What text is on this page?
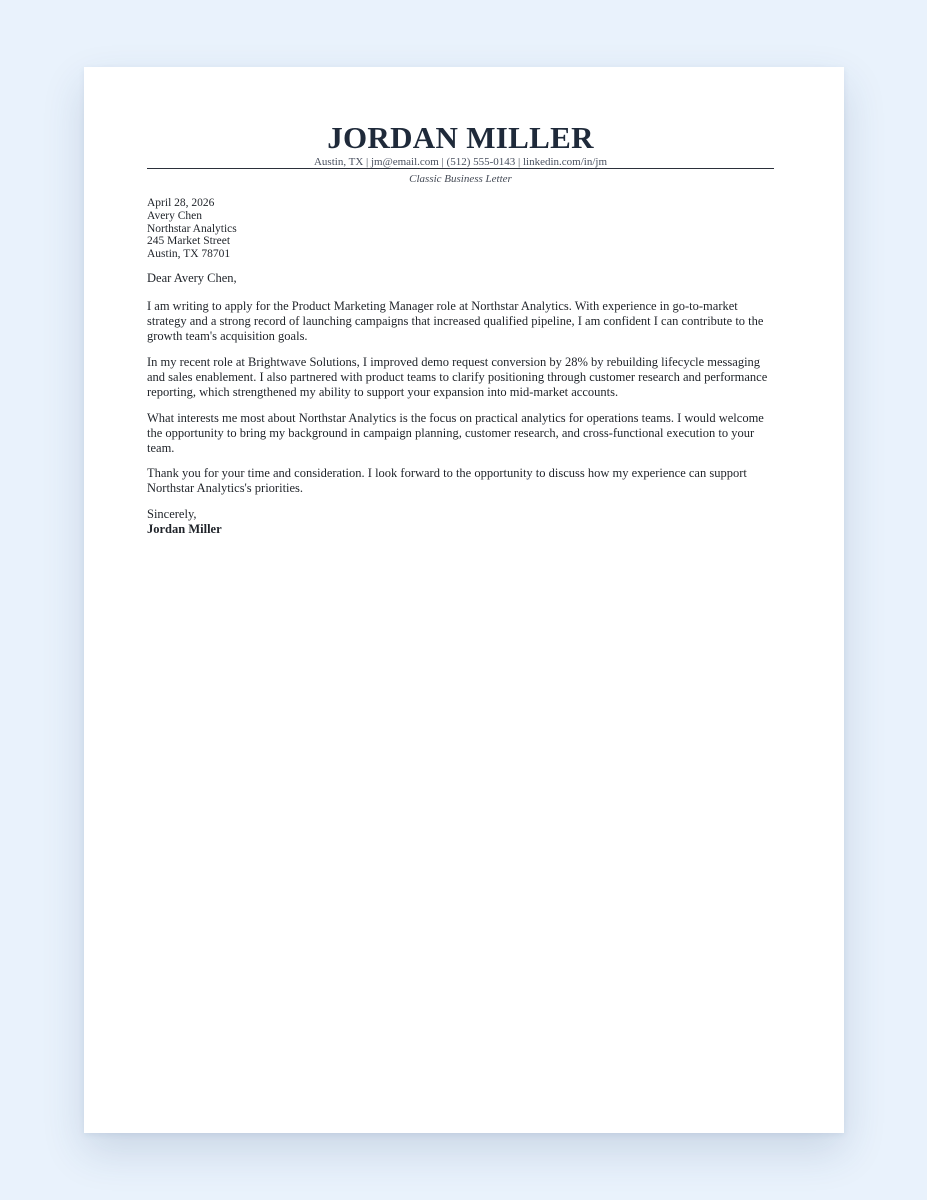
JORDAN MILLER
Austin, TX | jm@email.com | (512) 555-0143 | linkedin.com/in/jm
Classic Business Letter
April 28, 2026
Avery Chen
Northstar Analytics
245 Market Street
Austin, TX 78701
Dear Avery Chen,

I am writing to apply for the Product Marketing Manager role at Northstar Analytics. With experience in go-to-market strategy and a strong record of launching campaigns that increased qualified pipeline, I am confident I can contribute to the growth team's acquisition goals.

In my recent role at Brightwave Solutions, I improved demo request conversion by 28% by rebuilding lifecycle messaging and sales enablement. I also partnered with product teams to clarify positioning through customer research and performance reporting, which strengthened my ability to support your expansion into mid-market accounts.

What interests me most about Northstar Analytics is the focus on practical analytics for operations teams. I would welcome the opportunity to bring my background in campaign planning, customer research, and cross-functional execution to your team.

Thank you for your time and consideration. I look forward to the opportunity to discuss how my experience can support Northstar Analytics's priorities.

Sincerely,
Jordan Miller
